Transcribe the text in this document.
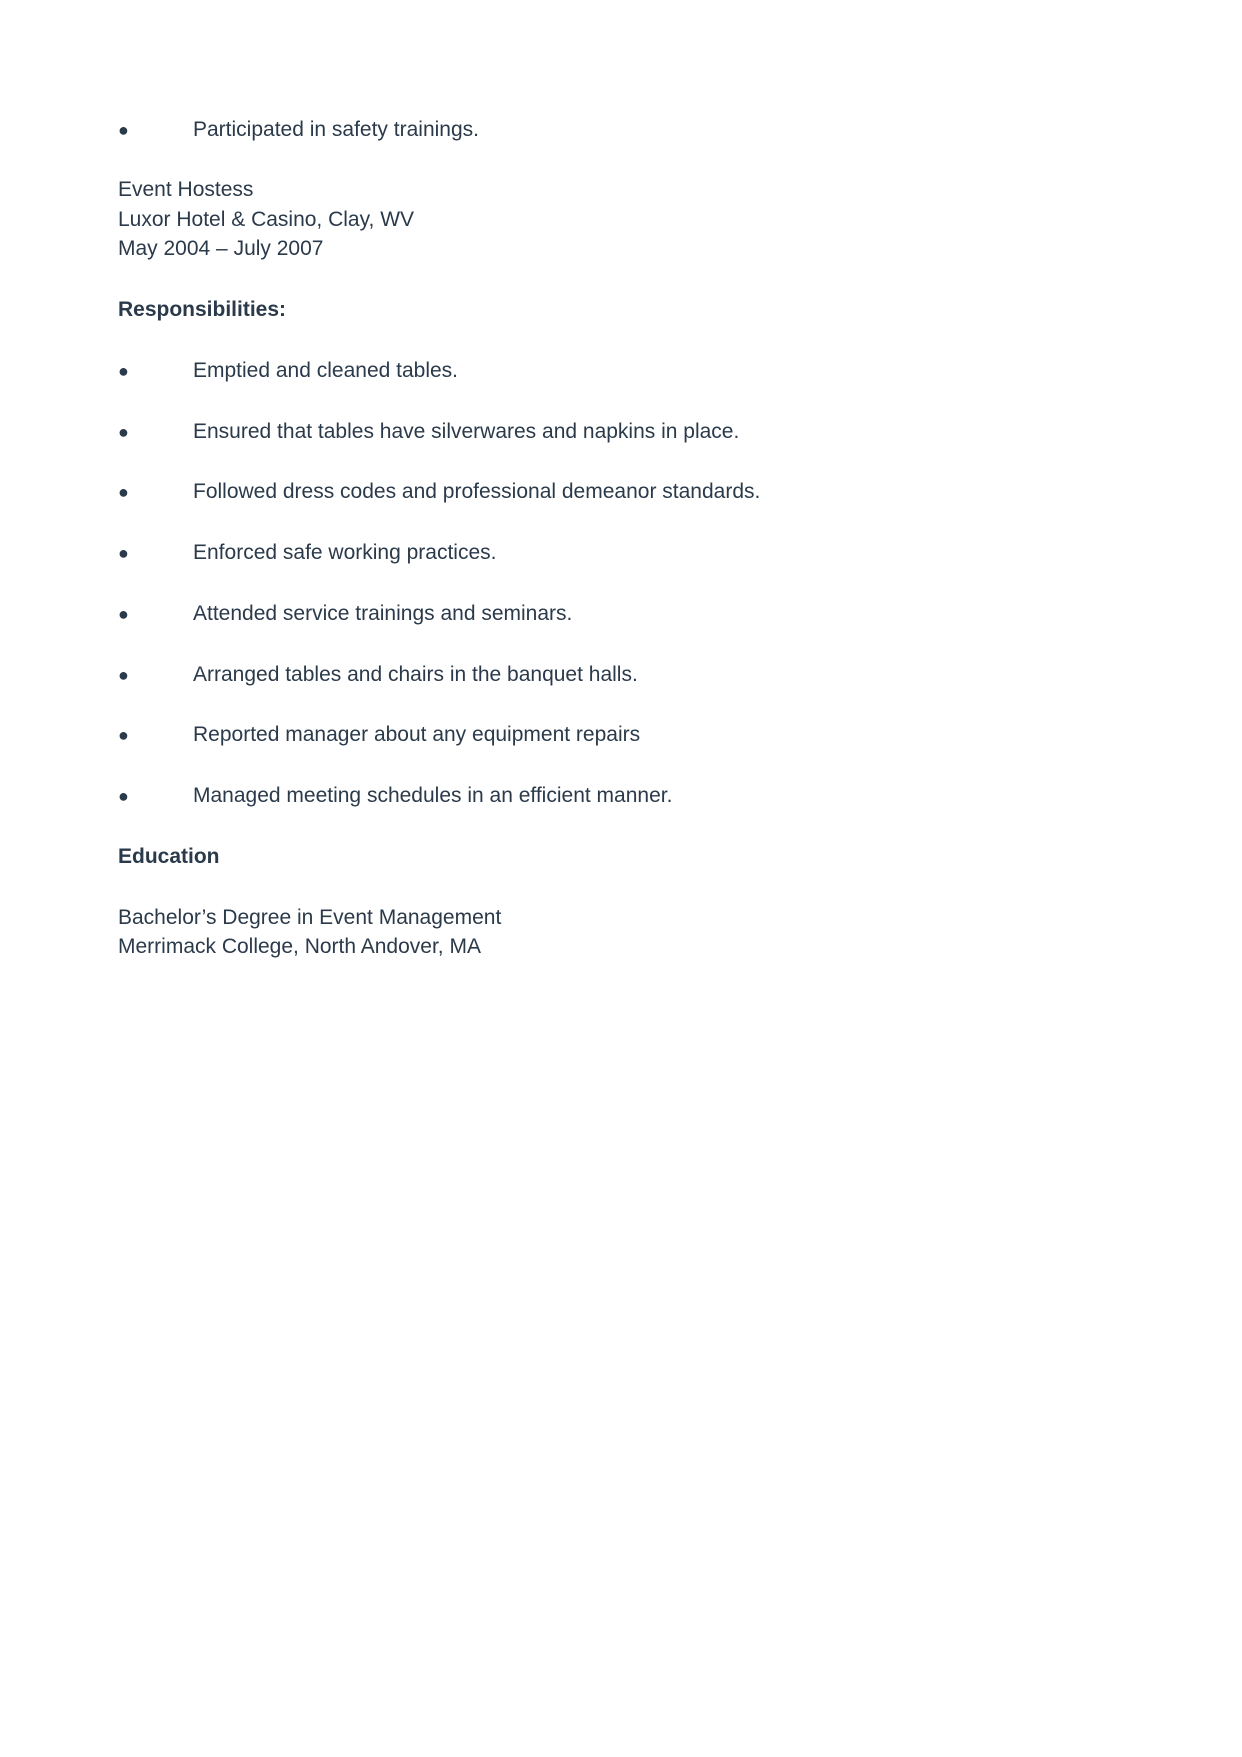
●	Participated in safety trainings.
Event Hostess
Luxor Hotel & Casino, Clay, WV
May 2004 – July 2007
Responsibilities:
●	Emptied and cleaned tables.
●	Ensured that tables have silverwares and napkins in place.
●	Followed dress codes and professional demeanor standards.
●	Enforced safe working practices.
●	Attended service trainings and seminars.
●	Arranged tables and chairs in the banquet halls.
●	Reported manager about any equipment repairs
●	Managed meeting schedules in an efficient manner.
Education
Bachelor’s Degree in Event Management
Merrimack College, North Andover, MA
